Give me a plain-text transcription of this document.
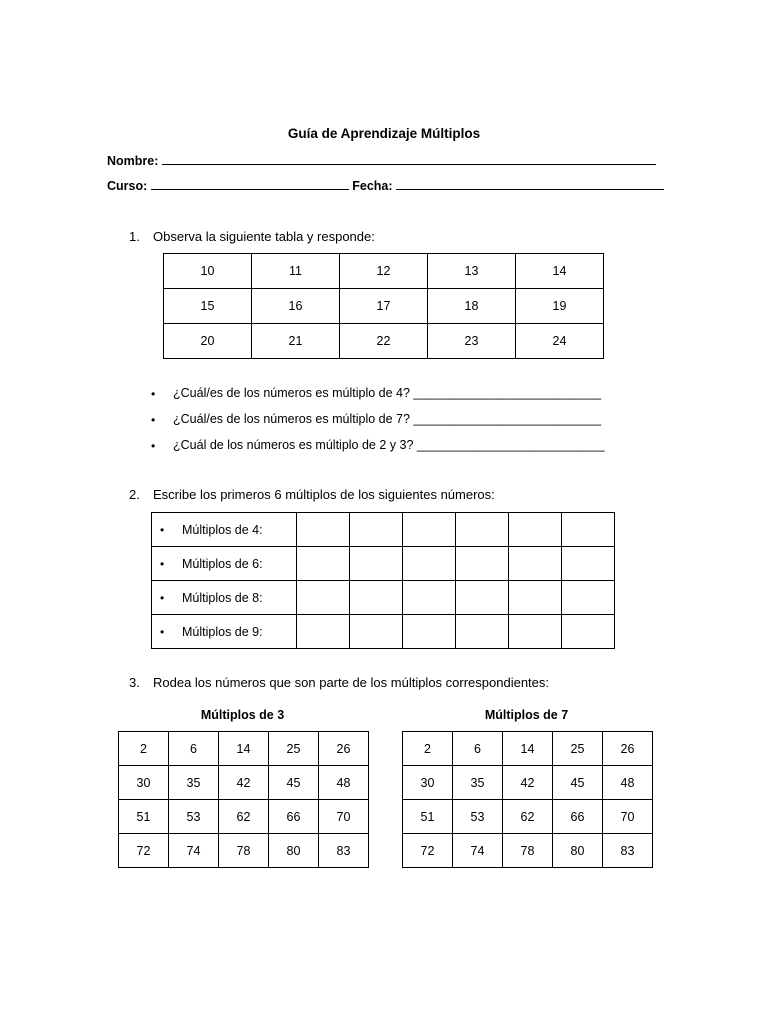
Guía de Aprendizaje Múltiplos
Nombre:
Curso:	Fecha:
1. Observa la siguiente tabla y responde:
10	11	12	13	14
15	16	17	18	19
20	21	22	23	24
• ¿Cuál/es de los números es múltiplo de 4? ___________________________
• ¿Cuál/es de los números es múltiplo de 7? ___________________________
• ¿Cuál de los números es múltiplo de 2 y 3? ___________________________
2. Escribe los primeros 6 múltiplos de los siguientes números:
• Múltiplos de 4:						
• Múltiplos de 6:						
• Múltiplos de 8:						
• Múltiplos de 9:						
3. Rodea los números que son parte de los múltiplos correspondientes:
Múltiplos de 3	Múltiplos de 7
2	6	14	25	26
30	35	42	45	48
51	53	62	66	70
72	74	78	80	83
2	6	14	25	26
30	35	42	45	48
51	53	62	66	70
72	74	78	80	83
